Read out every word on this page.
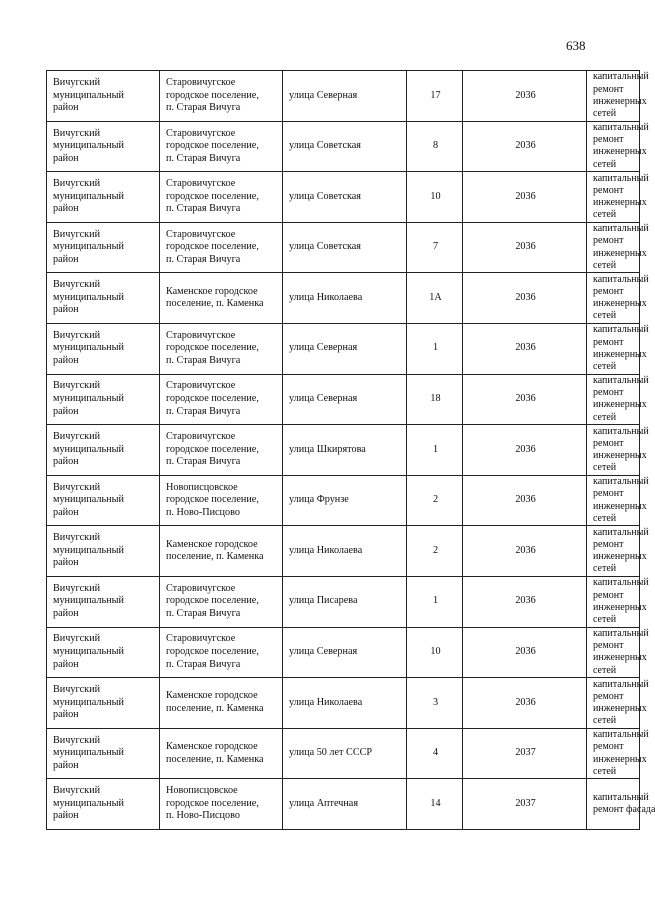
638
Вичугский
муниципальный
район	Старовичугское
городское поселение,
п. Старая Вичуга	улица Северная	17	2036	капитальный
ремонт
инженерных
сетей

Вичугский
муниципальный
район	Старовичугское
городское поселение,
п. Старая Вичуга	улица Советская	8	2036	капитальный
ремонт
инженерных
сетей

Вичугский
муниципальный
район	Старовичугское
городское поселение,
п. Старая Вичуга	улица Советская	10	2036	капитальный
ремонт
инженерных
сетей

Вичугский
муниципальный
район	Старовичугское
городское поселение,
п. Старая Вичуга	улица Советская	7	2036	капитальный
ремонт
инженерных
сетей

Вичугский
муниципальный
район	Каменское городское
поселение, п. Каменка	улица Николаева	1А	2036	капитальный
ремонт
инженерных
сетей

Вичугский
муниципальный
район	Старовичугское
городское поселение,
п. Старая Вичуга	улица Северная	1	2036	капитальный
ремонт
инженерных
сетей

Вичугский
муниципальный
район	Старовичугское
городское поселение,
п. Старая Вичуга	улица Северная	18	2036	капитальный
ремонт
инженерных
сетей

Вичугский
муниципальный
район	Старовичугское
городское поселение,
п. Старая Вичуга	улица Шкирятова	1	2036	капитальный
ремонт
инженерных
сетей

Вичугский
муниципальный
район	Новописцовское
городское поселение,
п. Ново-Писцово	улица Фрунзе	2	2036	капитальный
ремонт
инженерных
сетей

Вичугский
муниципальный
район	Каменское городское
поселение, п. Каменка	улица Николаева	2	2036	капитальный
ремонт
инженерных
сетей

Вичугский
муниципальный
район	Старовичугское
городское поселение,
п. Старая Вичуга	улица Писарева	1	2036	капитальный
ремонт
инженерных
сетей

Вичугский
муниципальный
район	Старовичугское
городское поселение,
п. Старая Вичуга	улица Северная	10	2036	капитальный
ремонт
инженерных
сетей

Вичугский
муниципальный
район	Каменское городское
поселение, п. Каменка	улица Николаева	3	2036	капитальный
ремонт
инженерных
сетей

Вичугский
муниципальный
район	Каменское городское
поселение, п. Каменка	улица 50 лет СССР	4	2037	капитальный
ремонт
инженерных
сетей

Вичугский
муниципальный
район	Новописцовское
городское поселение,
п. Ново-Писцово	улица Аптечная	14	2037	капитальный
ремонт фасада
